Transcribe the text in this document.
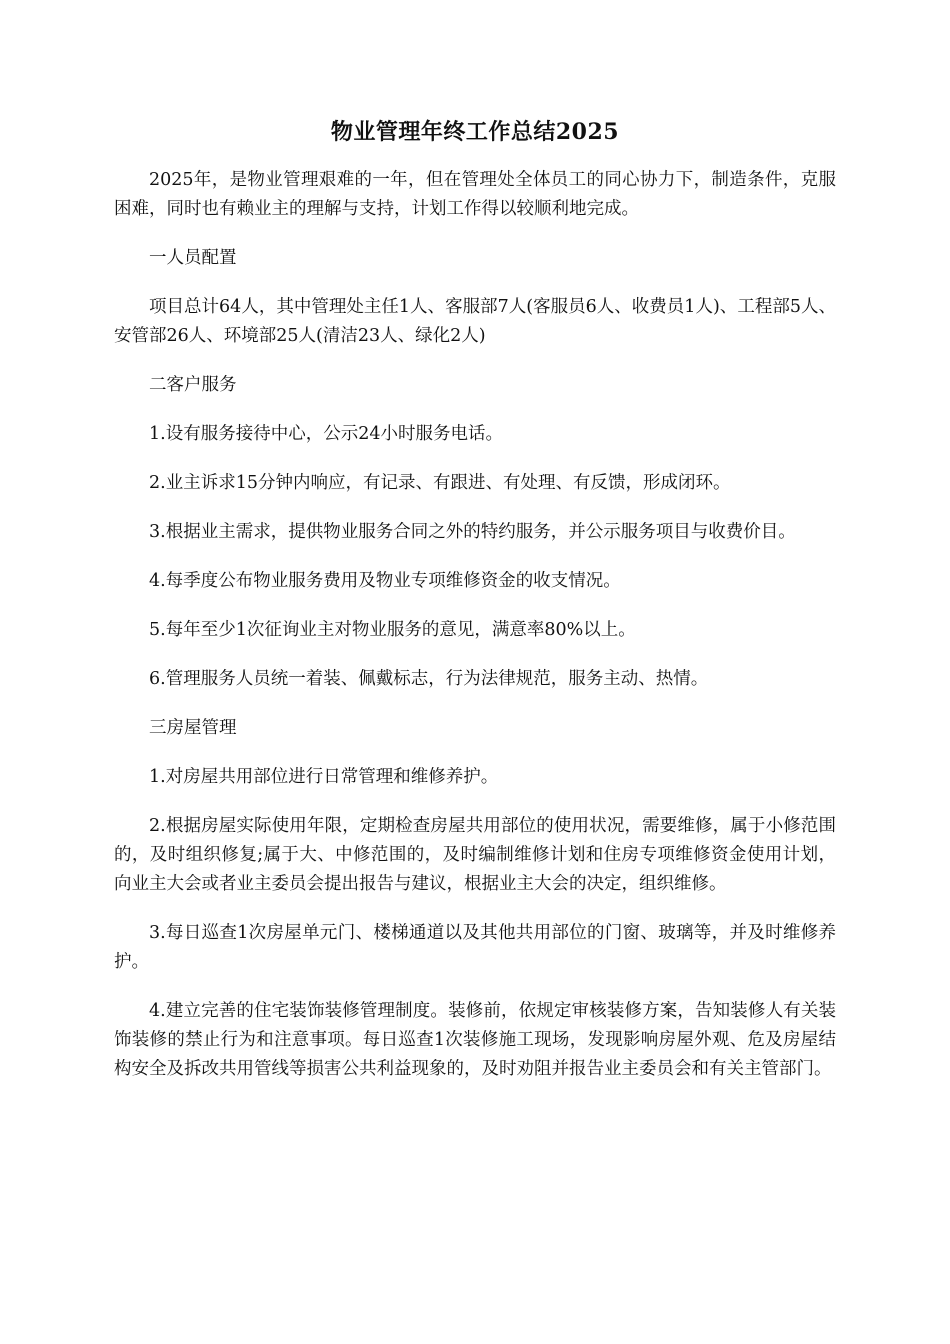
物业管理年终工作总结2025

2025年，是物业管理艰难的一年，但在管理处全体员工的同心协力下，制造条件，克服困难，同时也有赖业主的理解与支持，计划工作得以较顺利地完成。

一人员配置

项目总计64人，其中管理处主任1人、客服部7人(客服员6人、收费员1人)、工程部5人、安管部26人、环境部25人(清洁23人、绿化2人)

二客户服务

1.设有服务接待中心，公示24小时服务电话。

2.业主诉求15分钟内响应，有记录、有跟进、有处理、有反馈，形成闭环。

3.根据业主需求，提供物业服务合同之外的特约服务，并公示服务项目与收费价目。

4.每季度公布物业服务费用及物业专项维修资金的收支情况。

5.每年至少1次征询业主对物业服务的意见，满意率80%以上。

6.管理服务人员统一着装、佩戴标志，行为法律规范，服务主动、热情。

三房屋管理

1.对房屋共用部位进行日常管理和维修养护。

2.根据房屋实际使用年限，定期检查房屋共用部位的使用状况，需要维修，属于小修范围的，及时组织修复;属于大、中修范围的，及时编制维修计划和住房专项维修资金使用计划，向业主大会或者业主委员会提出报告与建议，根据业主大会的决定，组织维修。

3.每日巡查1次房屋单元门、楼梯通道以及其他共用部位的门窗、玻璃等，并及时维修养护。

4.建立完善的住宅装饰装修管理制度。装修前，依规定审核装修方案，告知装修人有关装饰装修的禁止行为和注意事项。每日巡查1次装修施工现场，发现影响房屋外观、危及房屋结构安全及拆改共用管线等损害公共利益现象的，及时劝阻并报告业主委员会和有关主管部门。
